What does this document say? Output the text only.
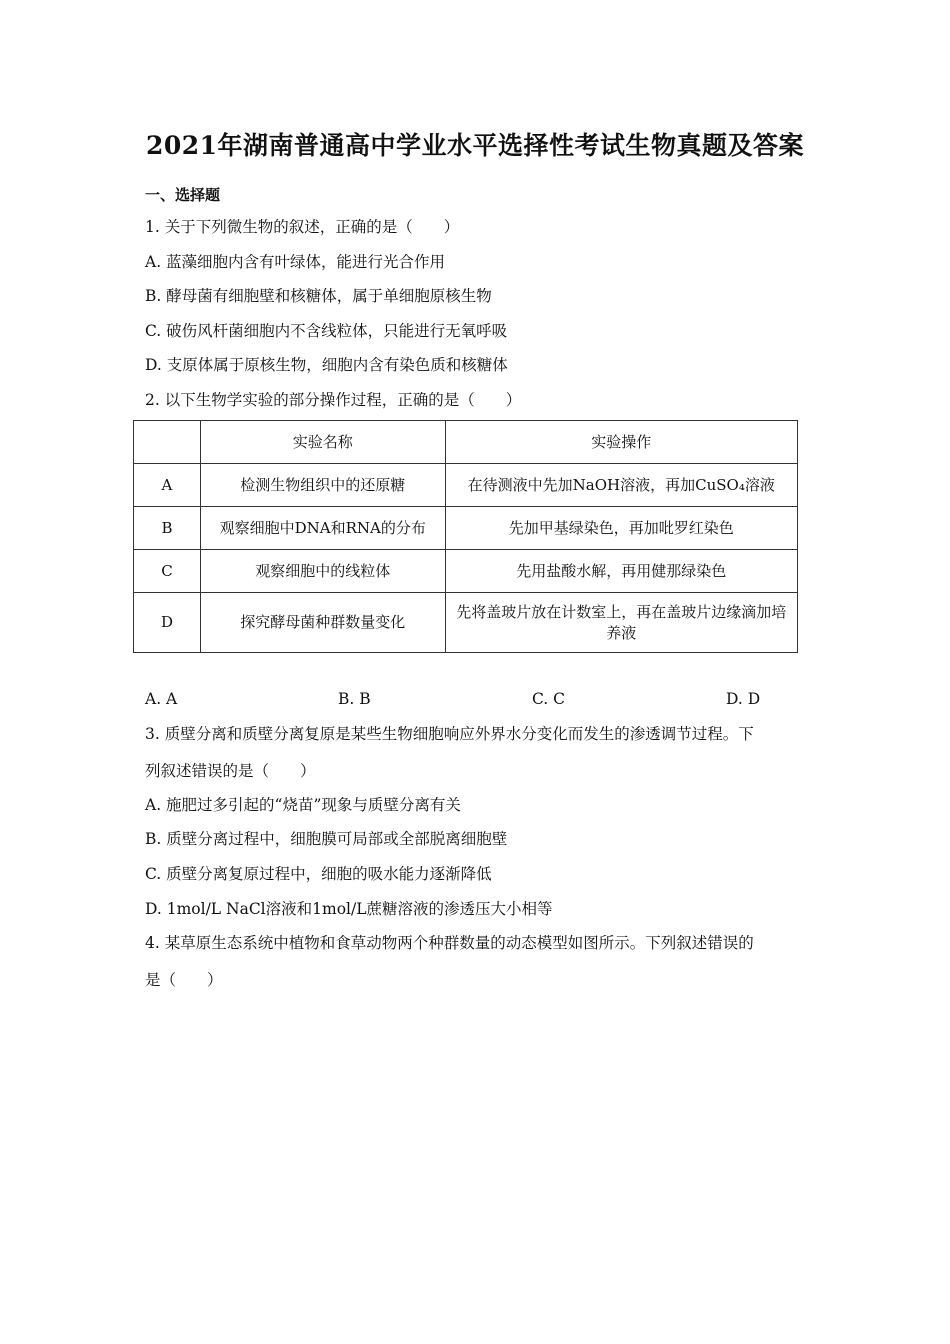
2021年湖南普通高中学业水平选择性考试生物真题及答案
一、选择题
1. 关于下列微生物的叙述，正确的是（　　）
A. 蓝藻细胞内含有叶绿体，能进行光合作用
B. 酵母菌有细胞壁和核糖体，属于单细胞原核生物
C. 破伤风杆菌细胞内不含线粒体，只能进行无氧呼吸
D. 支原体属于原核生物，细胞内含有染色质和核糖体
2. 以下生物学实验的部分操作过程，正确的是（　　）
	实验名称	实验操作
A	检测生物组织中的还原糖	在待测液中先加NaOH溶液，再加CuSO₄溶液
B	观察细胞中DNA和RNA的分布	先加甲基绿染色，再加吡罗红染色
C	观察细胞中的线粒体	先用盐酸水解，再用健那绿染色
D	探究酵母菌种群数量变化	先将盖玻片放在计数室上，再在盖玻片边缘滴加培养液
A. A	B. B	C. C	D. D
3. 质壁分离和质壁分离复原是某些生物细胞响应外界水分变化而发生的渗透调节过程。下
列叙述错误的是（　　）
A. 施肥过多引起的“烧苗”现象与质壁分离有关
B. 质壁分离过程中，细胞膜可局部或全部脱离细胞壁
C. 质壁分离复原过程中，细胞的吸水能力逐渐降低
D. 1mol/L NaCl溶液和1mol/L蔗糖溶液的渗透压大小相等
4. 某草原生态系统中植物和食草动物两个种群数量的动态模型如图所示。下列叙述错误的
是（　　）
